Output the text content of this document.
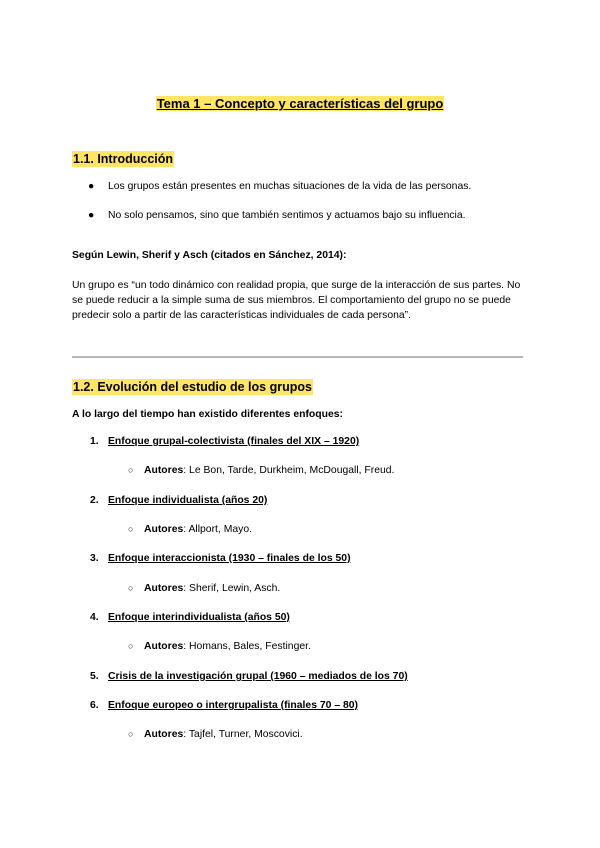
Tema 1 – Concepto y características del grupo
1.1. Introducción
● Los grupos están presentes en muchas situaciones de la vida de las personas.
● No solo pensamos, sino que también sentimos y actuamos bajo su influencia.
Según Lewin, Sherif y Asch (citados en Sánchez, 2014):
Un grupo es “un todo dinámico con realidad propia, que surge de la interacción de sus partes. No se puede reducir a la simple suma de sus miembros. El comportamiento del grupo no se puede predecir solo a partir de las características individuales de cada persona”.
1.2. Evolución del estudio de los grupos
A lo largo del tiempo han existido diferentes enfoques:
1. Enfoque grupal-colectivista (finales del XIX – 1920)
○ Autores: Le Bon, Tarde, Durkheim, McDougall, Freud.
2. Enfoque individualista (años 20)
○ Autores: Allport, Mayo.
3. Enfoque interaccionista (1930 – finales de los 50)
○ Autores: Sherif, Lewin, Asch.
4. Enfoque interindividualista (años 50)
○ Autores: Homans, Bales, Festinger.
5. Crisis de la investigación grupal (1960 – mediados de los 70)
6. Enfoque europeo o intergrupalista (finales 70 – 80)
○ Autores: Tajfel, Turner, Moscovici.
